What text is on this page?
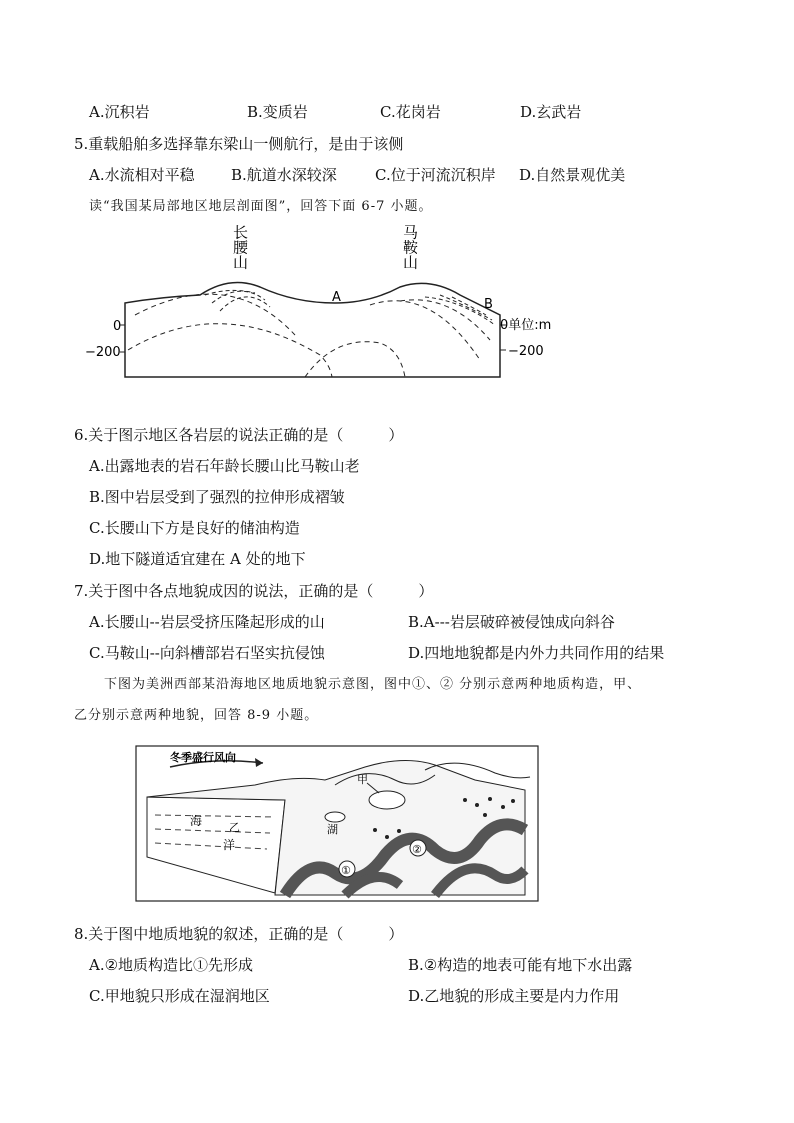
A.沉积岩	B.变质岩	C.花岗岩	D.玄武岩
5.重载船舶多选择靠东梁山一侧航行，是由于该侧
A.水流相对平稳 B.航道水深较深	C.位于河流沉积岸 D.自然景观优美
读“我国某局部地区地层剖面图”，回答下面 6-7 小题。
长腰山	马鞍山
A	B
0
−200
0单位:m
−200
6.关于图示地区各岩层的说法正确的是（　　　）
A.出露地表的岩石年龄长腰山比马鞍山老
B.图中岩层受到了强烈的拉伸形成褶皱
C.长腰山下方是良好的储油构造
D.地下隧道适宜建在 A 处的地下
7.关于图中各点地貌成因的说法，正确的是（　　　）
A.长腰山--岩层受挤压隆起形成的山	B.A---岩层破碎被侵蚀成向斜谷
C.马鞍山--向斜槽部岩石坚实抗侵蚀	D.四地地貌都是内外力共同作用的结果
下图为美洲西部某沿海地区地质地貌示意图，图中①、② 分别示意两种地质构造，甲、
乙分别示意两种地貌，回答 8-9 小题。
冬季盛行风向
甲
乙
海
洋
湖
①
②
8.关于图中地质地貌的叙述，正确的是（　　　）
A.②地质构造比①先形成	B.②构造的地表可能有地下水出露
C.甲地貌只形成在湿润地区	D.乙地貌的形成主要是内力作用
